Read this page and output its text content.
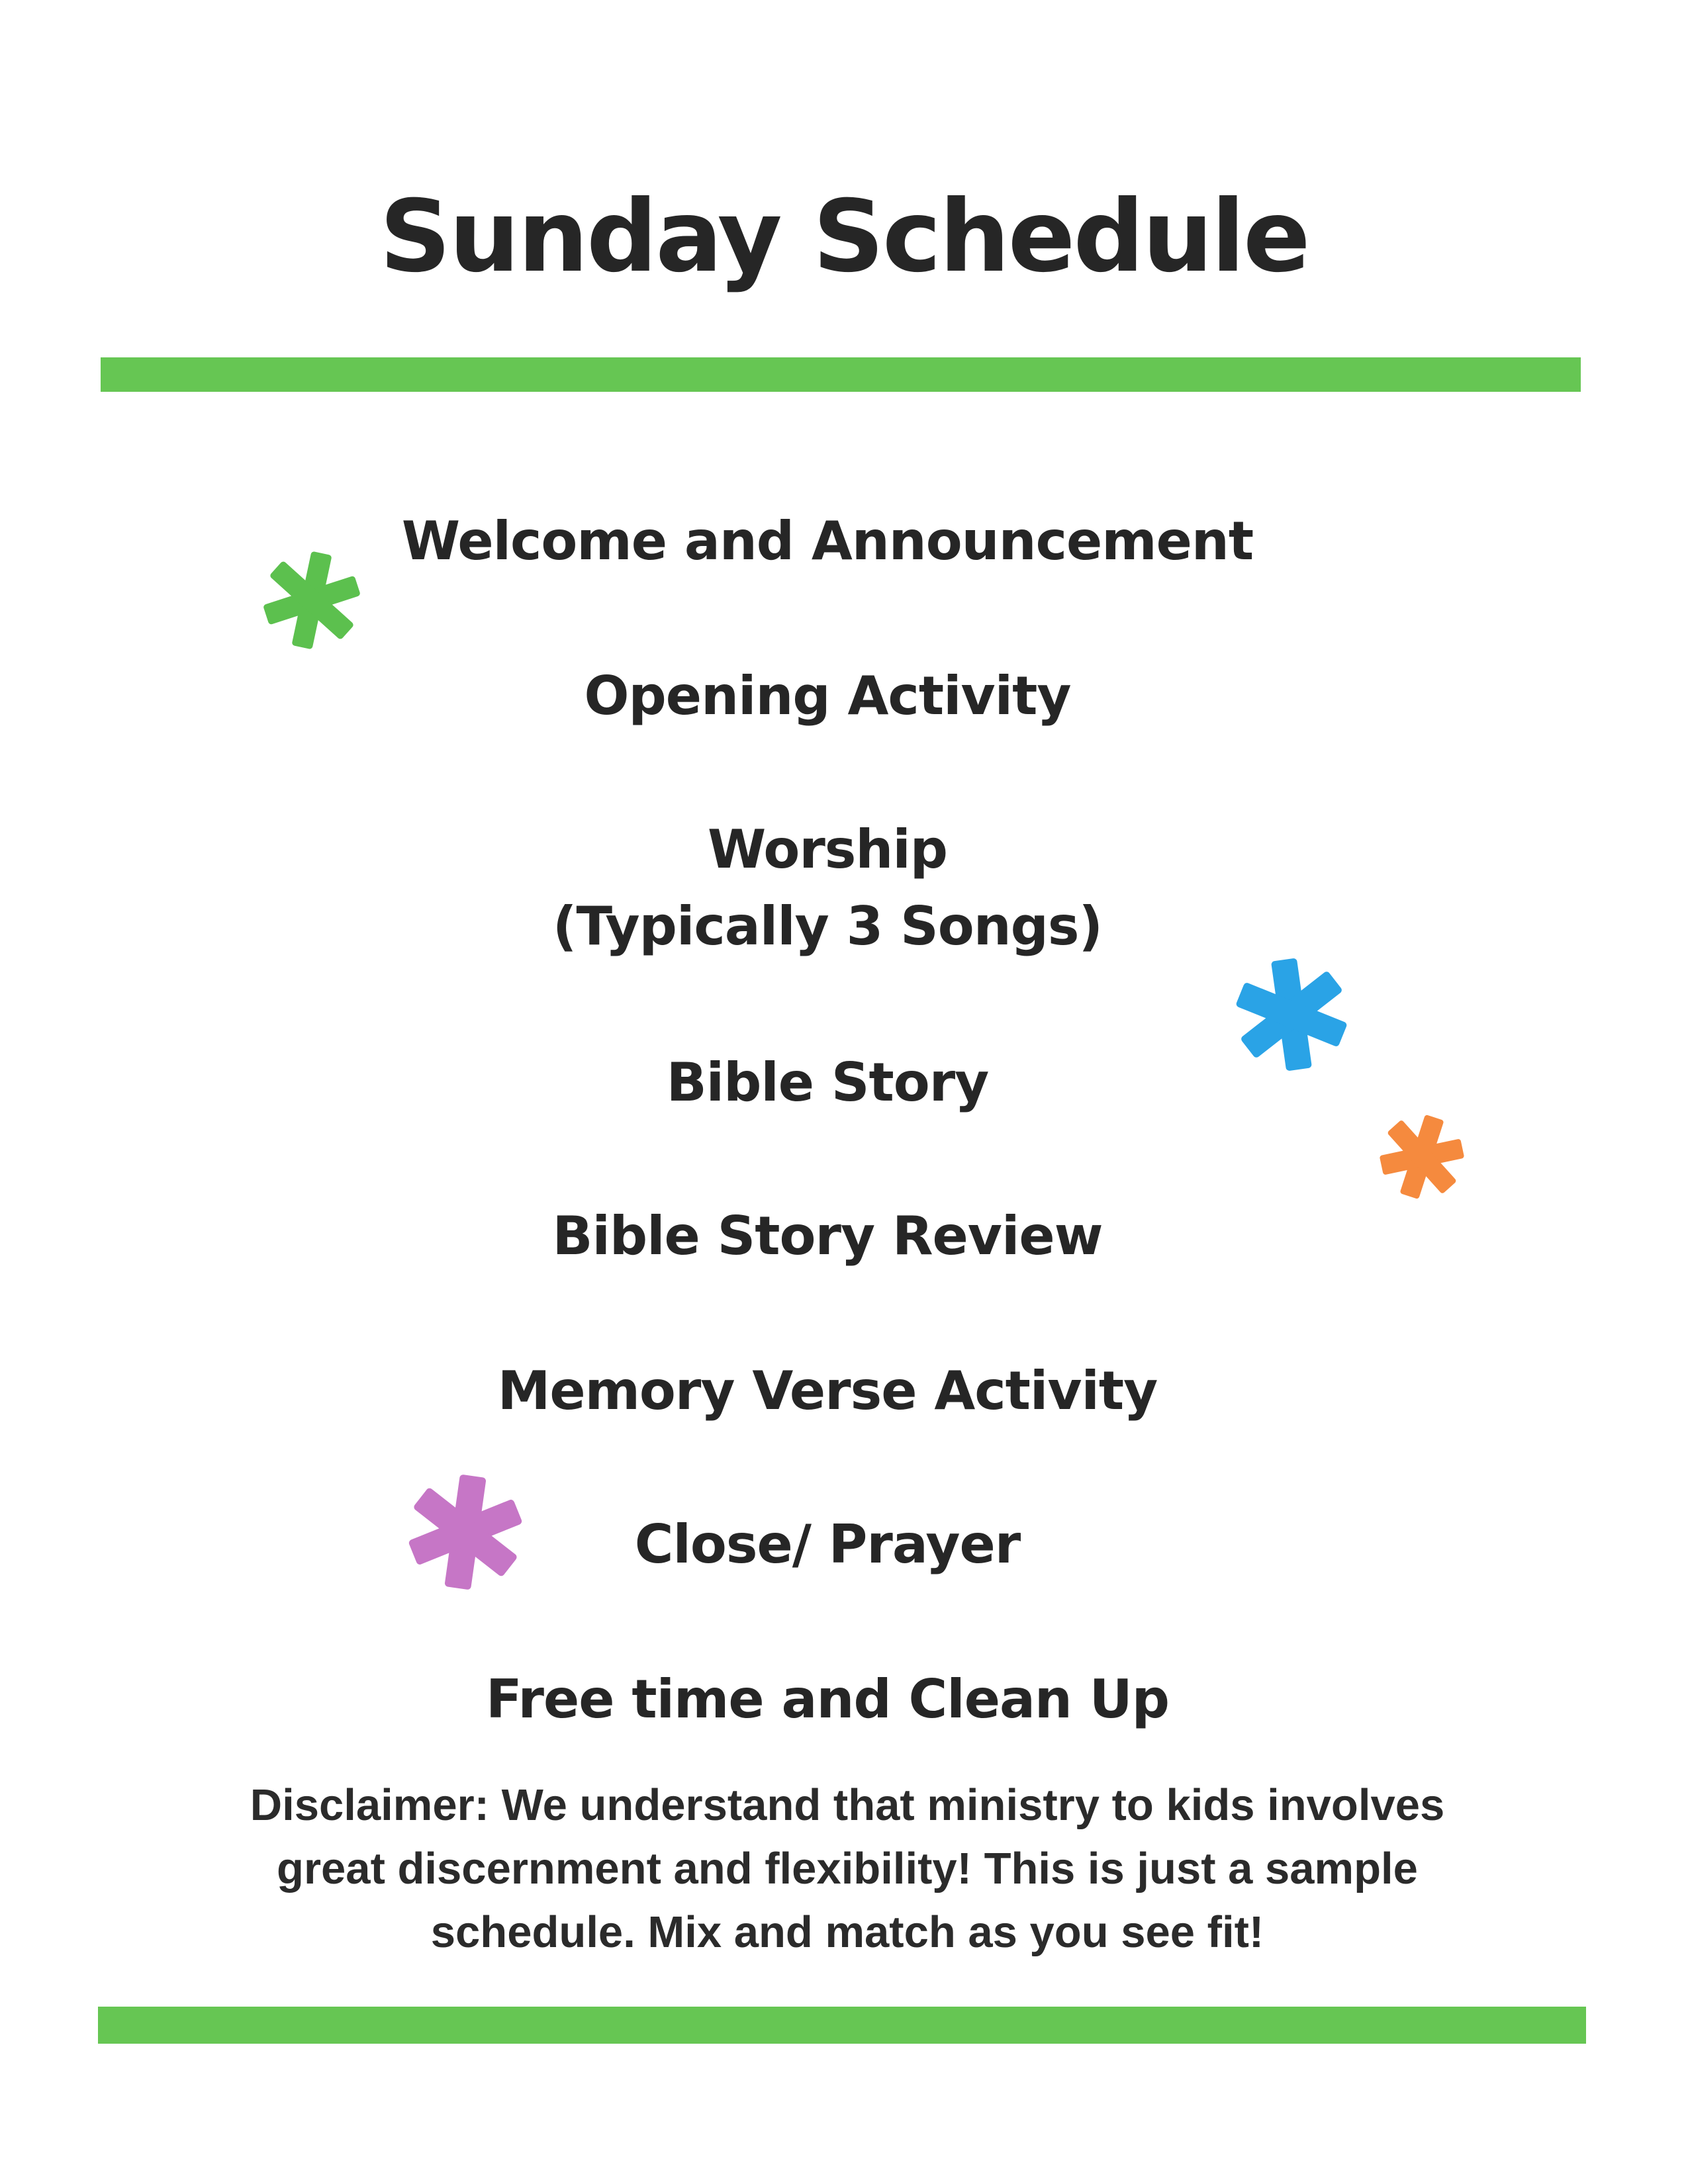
Sunday Schedule
Welcome and Announcement
Opening Activity
Worship
(Typically 3 Songs)
Bible Story
Bible Story Review
Memory Verse Activity
Close/ Prayer
Free time and Clean Up

Disclaimer: We understand that ministry to kids involves great discernment and flexibility! This is just a sample schedule. Mix and match as you see fit!
